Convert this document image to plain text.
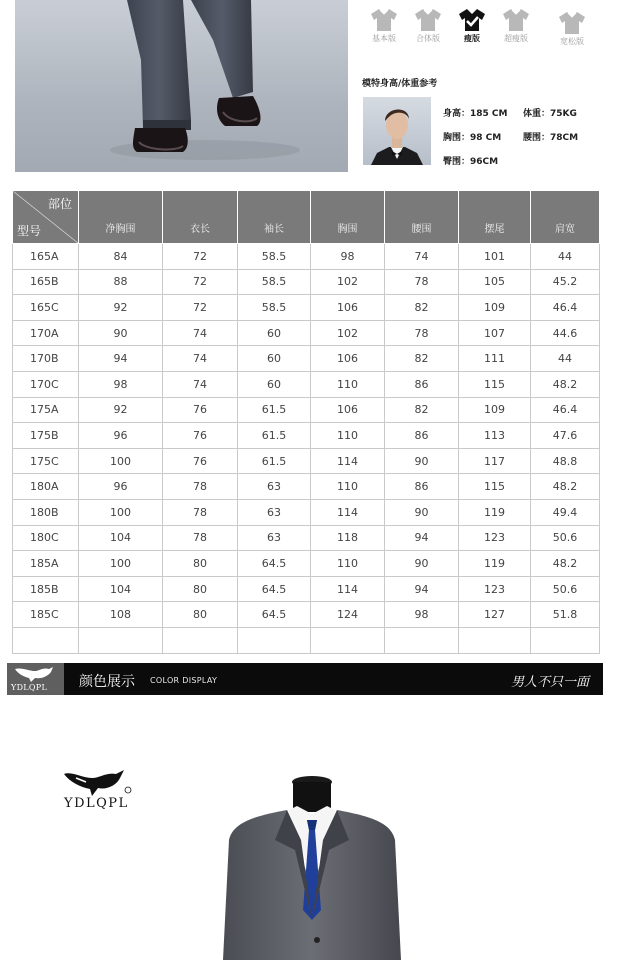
基本版	合体版	瘦版	超瘦版	宽松版
模特身高/体重参考
身高：185 CM 体重：75KG
胸围：98 CM 腰围：78CM
臀围：96CM
部位
型号	净胸围	衣长	袖长	胸围	腰围	摆尾	肩宽
165A	84	72	58.5	98	74	101	44
165B	88	72	58.5	102	78	105	45.2
165C	92	72	58.5	106	82	109	46.4
170A	90	74	60	102	78	107	44.6
170B	94	74	60	106	82	111	44
170C	98	74	60	110	86	115	48.2
175A	92	76	61.5	106	82	109	46.4
175B	96	76	61.5	110	86	113	47.6
175C	100	76	61.5	114	90	117	48.8
180A	96	78	63	110	86	115	48.2
180B	100	78	63	114	90	119	49.4
180C	104	78	63	118	94	123	50.6
185A	100	80	64.5	110	90	119	48.2
185B	104	80	64.5	114	94	123	50.6
185C	108	80	64.5	124	98	127	51.8

YDLQPL 颜色展示 COLOR DISPLAY	男人不只一面
YDLQPL
